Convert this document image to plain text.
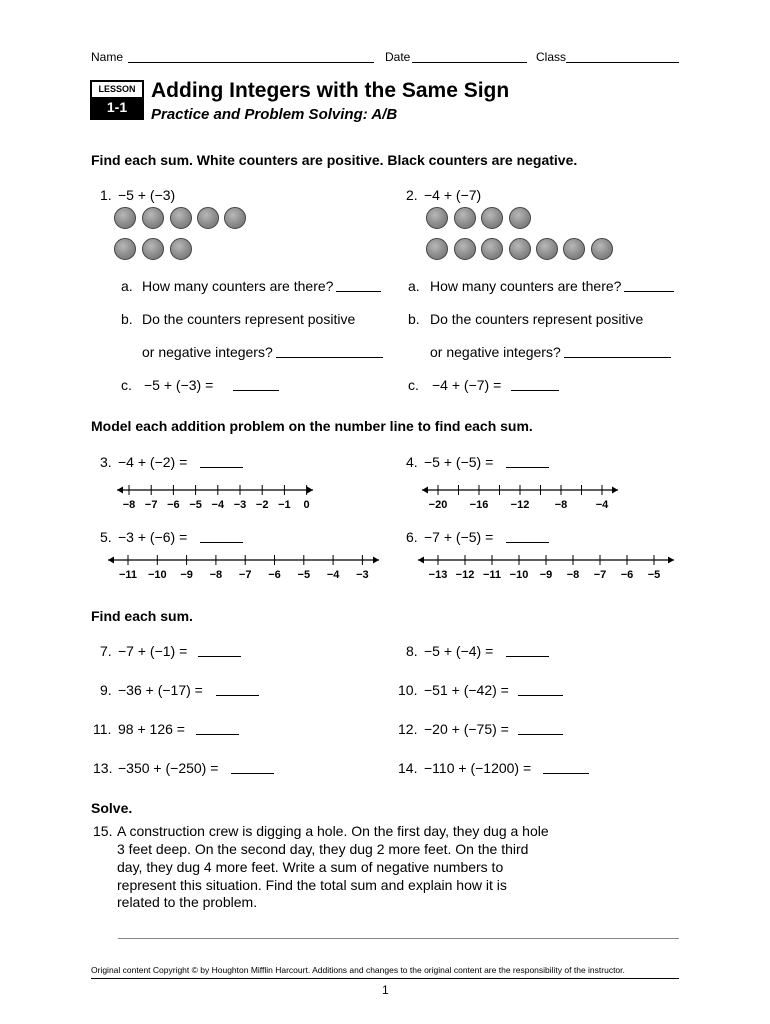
Name	Date	Class
LESSON
1-1
Adding Integers with the Same Sign
Practice and Problem Solving: A/B
Find each sum. White counters are positive. Black counters are negative.
1. −5 + (−3)	2. −4 + (−7)
a. How many counters are there?
b. Do the counters represent positive
or negative integers?
c. −5 + (−3) =
a. How many counters are there?
b. Do the counters represent positive
or negative integers?
c. −4 + (−7) =
Model each addition problem on the number line to find each sum.
3. −4 + (−2) =	4. −5 + (−5) =
−8 −7 −6 −5 −4 −3 −2 −1 0	−20 −16 −12 −8	−4
5. −3 + (−6) =	6. −7 + (−5) =
−11 −10 −9 −8 −7 −6 −5 −4 −3	−13 −12 −11 −10 −9 −8 −7 −6 −5
Find each sum.
7. −7 + (−1) =	8. −5 + (−4) =
9. −36 + (−17) =	10. −51 + (−42) =
11. 98 + 126 =	12. −20 + (−75) =
13. −350 + (−250) =	14. −110 + (−1200) =
Solve.
15. A construction crew is digging a hole. On the first day, they dug a hole
3 feet deep. On the second day, they dug 2 more feet. On the third
day, they dug 4 more feet. Write a sum of negative numbers to
represent this situation. Find the total sum and explain how it is
related to the problem.
Original content Copyright © by Houghton Mifflin Harcourt. Additions and changes to the original content are the responsibility of the instructor.
1
